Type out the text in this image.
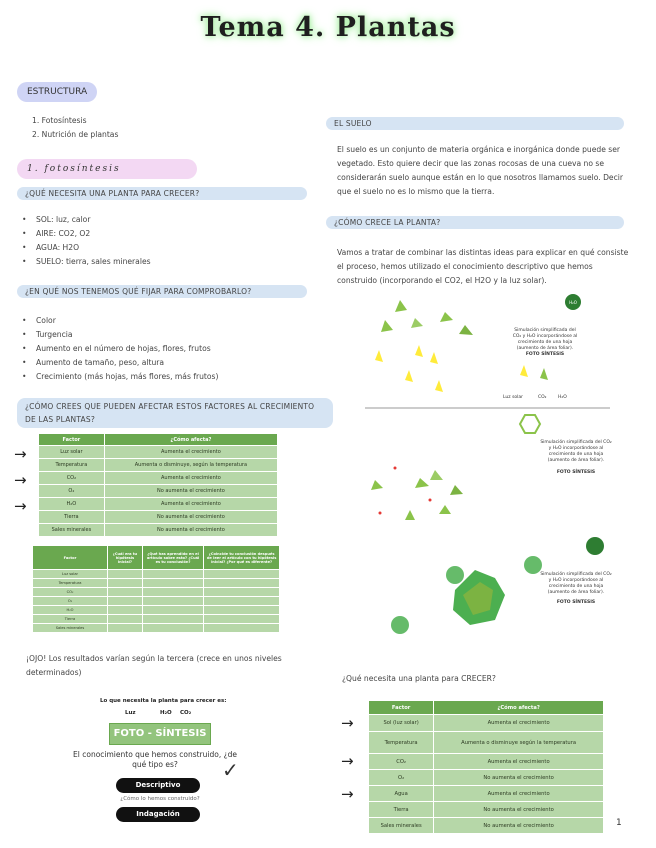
Tema 4. Plantas
ESTRUCTURA
1. Fotosíntesis
2. Nutrición de plantas
1. fotosíntesis
¿QUÉ NECESITA UNA PLANTA PARA CRECER?
• SOL: luz, calor
• AIRE: CO2, O2
• AGUA: H2O
• SUELO: tierra, sales minerales
¿EN QUÉ NOS TENEMOS QUÉ FIJAR PARA COMPROBARLO?
• Color
• Turgencia
• Aumento en el número de hojas, flores, frutos
• Aumento de tamaño, peso, altura
• Crecimiento (más hojas, más flores, más frutos)
¿CÓMO CREES QUE PUEDEN AFECTAR ESTOS FACTORES AL CRECIMIENTO DE LAS PLANTAS?
→
→
→
Factor	¿Cómo afecta?
Luz solar	Aumenta el crecimiento
Temperatura	Aumenta o disminuye, según la temperatura
CO₂	Aumenta el crecimiento
O₂	No aumenta el crecimiento
H₂O	Aumenta el crecimiento
Tierra	No aumenta el crecimiento
Sales minerales	No aumenta el crecimiento
Factor	¿Cuál era tu hipótesis inicial?	¿Qué has aprendido en el artículo sobre esto? ¿Cuál es tu conclusión?	¿Coincide tu conclusión después de leer el artículo con tu hipótesis inicial? ¿Por qué es diferente?
Luz solar			
Temperatura			
CO₂			
O₂			
H₂O			
Tierra			
Sales minerales			
¡OJO! Los resultados varían según la tercera (crece en unos niveles determinados)
Lo que necesita la planta para crecer es:
Luz	H₂O CO₂
FOTO - SÍNTESIS
El conocimiento que hemos construido, ¿de qué tipo es?	✓
Descriptivo
¿Cómo lo hemos construido?
Indagación
EL SUELO
El suelo es un conjunto de materia orgánica e inorgánica donde puede ser vegetado. Esto quiere decir que las zonas rocosas de una cueva no se considerarán suelo aunque están en lo que nosotros llamamos suelo. Decir que el suelo no es lo mismo que la tierra.
¿CÓMO CRECE LA PLANTA?
Vamos a tratar de combinar las distintas ideas para explicar en qué consiste el proceso, hemos utilizado el conocimiento descriptivo que hemos construido (incorporando el CO2, el H2O y la luz solar).
H₂O
Simulación simplificada del CO₂ y H₂O incorporándose al crecimiento de una hoja (aumento de área foliar).
FOTO SÍNTESIS
Luz solar	CO₂	H₂O
Simulación simplificada del CO₂ y H₂O incorporándose al crecimiento de una hoja (aumento de área foliar).
FOTO SÍNTESIS
Simulación simplificada del CO₂ y H₂O incorporándose al crecimiento de una hoja (aumento de área foliar).
FOTO SÍNTESIS
¿Qué necesita una planta para CRECER?
→
→
→
Factor	¿Cómo afecta?
Sol (luz solar)	Aumenta el crecimiento
Temperatura	Aumenta o disminuye según la temperatura
CO₂	Aumenta el crecimiento
O₂	No aumenta el crecimiento
Agua	Aumenta el crecimiento
Tierra	No aumenta el crecimiento
Sales minerales	No aumenta el crecimiento	1
